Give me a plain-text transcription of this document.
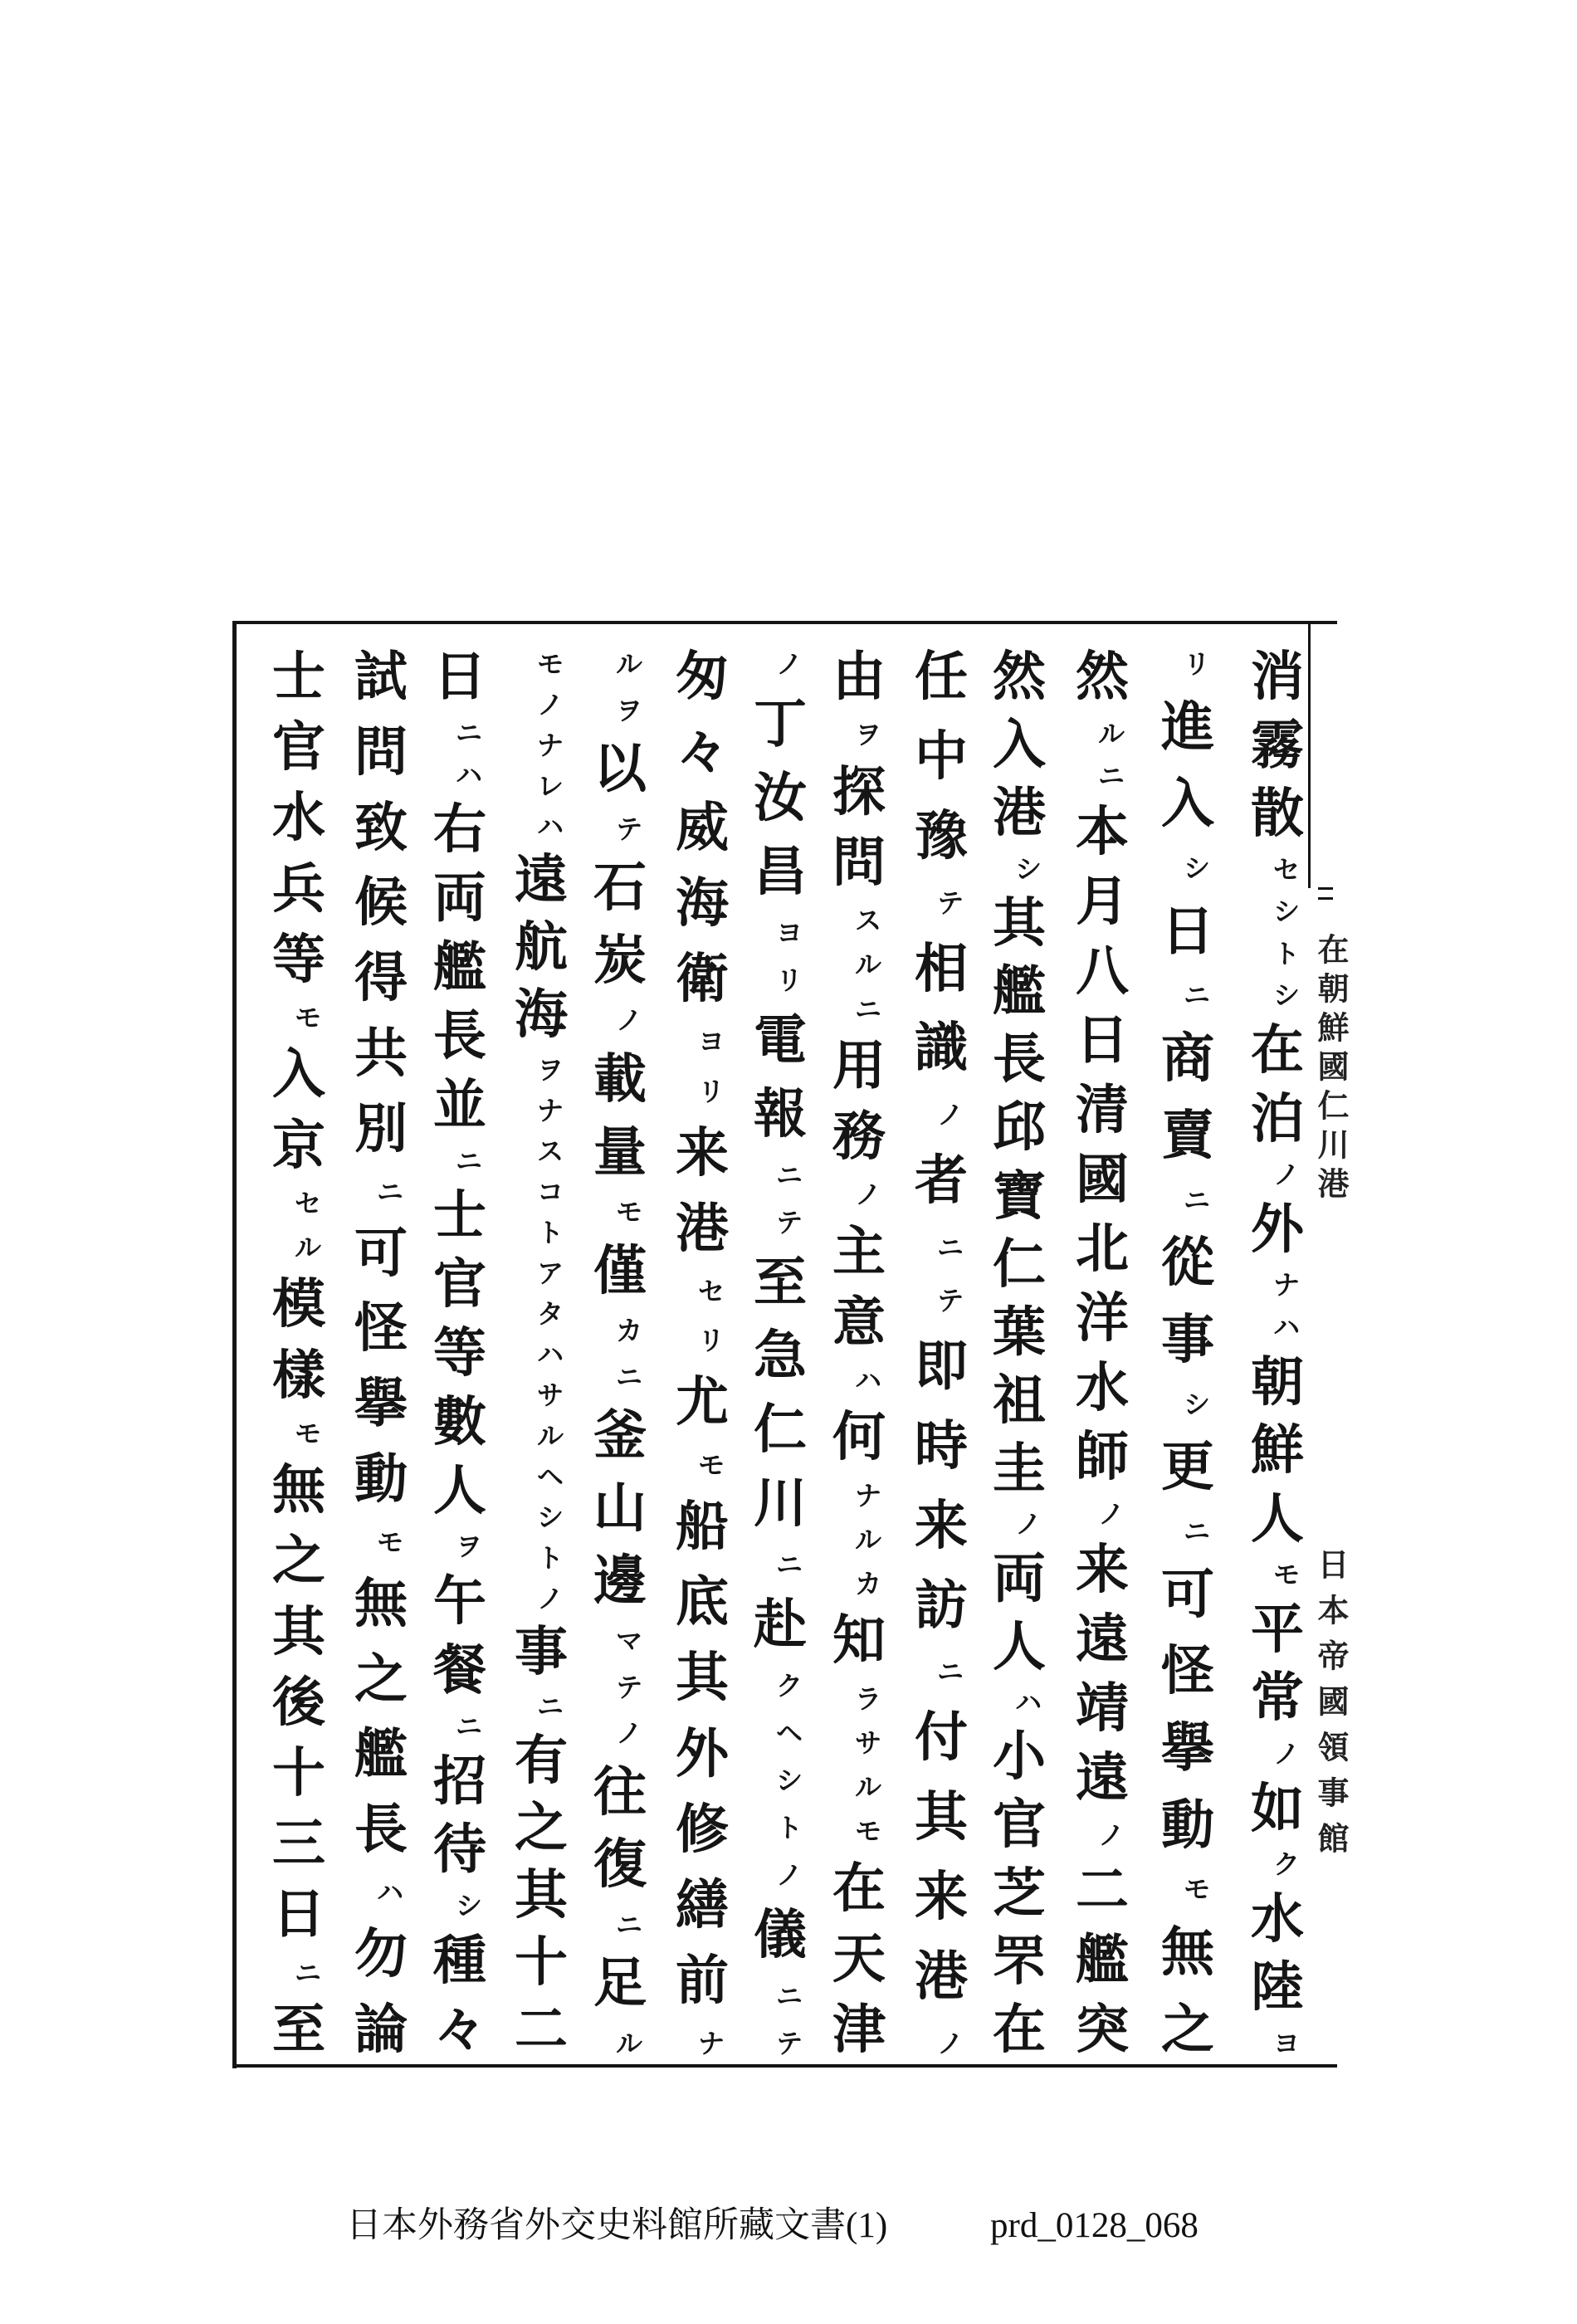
在朝鮮國仁川港
日本帝國領事館
消
霧
散
セ
シ
ト
シ
在
泊
ノ
外
ナ
ハ
朝
鮮
人
モ
平
常
ノ
如
ク
水
陸
ヨ
リ
進
入
シ
日
ニ
商
賣
ニ
從
事
シ
更
ニ
可
怪
擧
動
モ
無
之
然
ル
ニ
本
月
八
日
清
國
北
洋
水
師
ノ
来
遠
靖
遠
ノ
二
艦
突
然
入
港
シ
其
艦
長
邱
寶
仁
葉
祖
圭
ノ
両
人
ハ
小
官
芝
罘
在
任
中
豫
テ
相
識
ノ
者
ニ
テ
即
時
来
訪
ニ
付
其
来
港
ノ
由
ヲ
探
問
ス
ル
ニ
用
務
ノ
主
意
ハ
何
ナ
ル
カ
知
ラ
サ
ル
モ
在
天
津
ノ
丁
汝
昌
ヨ
リ
電
報
ニ
テ
至
急
仁
川
ニ
赴
ク
ヘ
シ
ト
ノ
儀
ニ
テ
匆
々
威
海
衛
ヨ
リ
来
港
セ
リ
尤
モ
船
底
其
外
修
繕
前
ナ
ル
ヲ
以
テ
石
炭
ノ
載
量
モ
僅
カ
ニ
釜
山
邊
マ
テ
ノ
往
復
ニ
足
ル
モ
ノ
ナ
レ
ハ
遠
航
海
ヲ
ナ
ス
コ
ト
ア
タ
ハ
サ
ル
ヘ
シ
ト
ノ
事
ニ
有
之
其
十
二
日
ニ
ハ
右
両
艦
長
並
ニ
士
官
等
數
人
ヲ
午
餐
ニ
招
待
シ
種
々
試
問
致
候
得
共
別
ニ
可
怪
擧
動
モ
無
之
艦
長
ハ
勿
論
士
官
水
兵
等
モ
入
京
セ
ル
模
樣
モ
無
之
其
後
十
三
日
ニ
至
日本外務省外交史料館所藏文書(1)	prd_0128_068
